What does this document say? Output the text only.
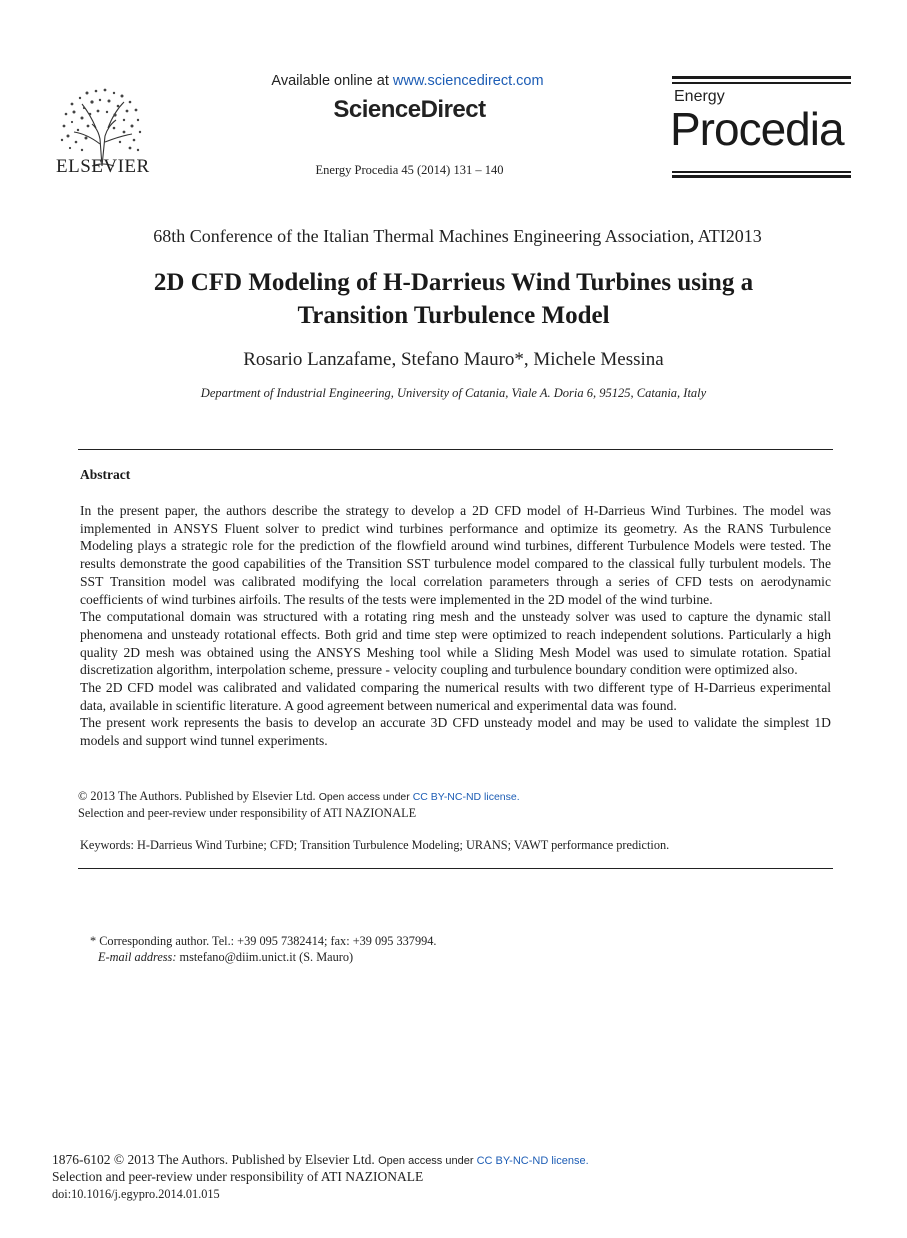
ELSEVIER
Available online at www.sciencedirect.com
ScienceDirect
Energy Procedia 45 (2014) 131 – 140
Energy
Procedia
68th Conference of the Italian Thermal Machines Engineering Association, ATI2013
2D CFD Modeling of H-Darrieus Wind Turbines using a
Transition Turbulence Model
Rosario Lanzafame, Stefano Mauro*, Michele Messina
Department of Industrial Engineering, University of Catania, Viale A. Doria 6, 95125, Catania, Italy
Abstract

In the present paper, the authors describe the strategy to develop a 2D CFD model of H-Darrieus Wind Turbines. The model was implemented in ANSYS Fluent solver to predict wind turbines performance and optimize its geometry. As the RANS Turbulence Modeling plays a strategic role for the prediction of the flowfield around wind turbines, different Turbulence Models were tested. The results demonstrate the good capabilities of the Transition SST turbulence model compared to the classical fully turbulent models. The SST Transition model was calibrated modifying the local correlation parameters through a series of CFD tests on aerodynamic coefficients of wind turbines airfoils. The results of the tests were implemented in the 2D model of the wind turbine.

The computational domain was structured with a rotating ring mesh and the unsteady solver was used to capture the dynamic stall phenomena and unsteady rotational effects. Both grid and time step were optimized to reach independent solutions. Particularly a high quality 2D mesh was obtained using the ANSYS Meshing tool while a Sliding Mesh Model was used to simulate rotation. Spatial discretization algorithm, interpolation scheme, pressure - velocity coupling and turbulence boundary condition were optimized also.

The 2D CFD model was calibrated and validated comparing the numerical results with two different type of H-Darrieus experimental data, available in scientific literature. A good agreement between numerical and experimental data was found.

The present work represents the basis to develop an accurate 3D CFD unsteady model and may be used to validate the simplest 1D models and support wind tunnel experiments.

© 2013 The Authors. Published by Elsevier Ltd. Open access under CC BY-NC-ND license.
Selection and peer-review under responsibility of ATI NAZIONALE
Keywords: H-Darrieus Wind Turbine; CFD; Transition Turbulence Modeling; URANS; VAWT performance prediction.
* Corresponding author. Tel.: +39 095 7382414; fax: +39 095 337994.
E-mail address: mstefano@diim.unict.it (S. Mauro)
1876-6102 © 2013 The Authors. Published by Elsevier Ltd. Open access under CC BY-NC-ND license.
Selection and peer-review under responsibility of ATI NAZIONALE
doi:10.1016/j.egypro.2014.01.015
